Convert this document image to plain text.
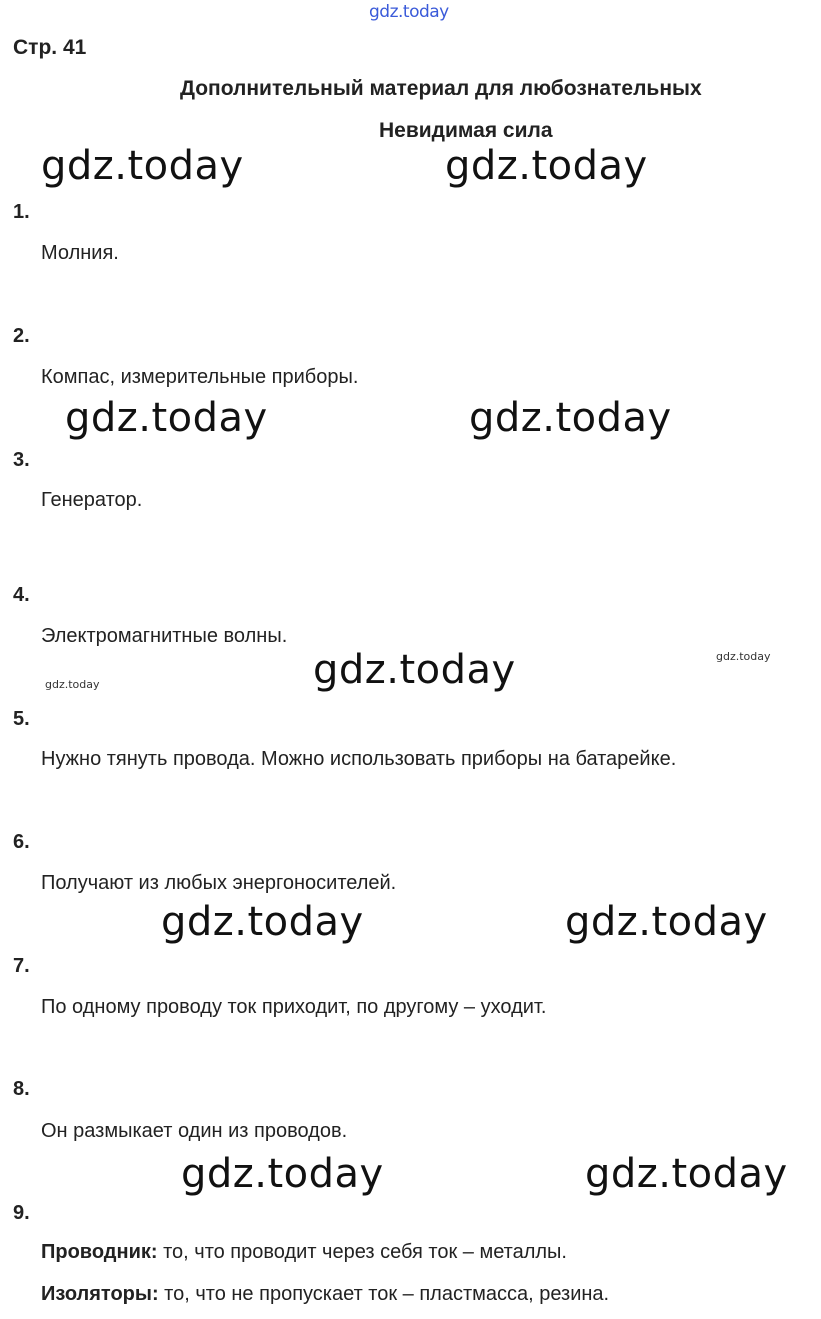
gdz.today
Стр. 41
Дополнительный материал для любознательных
Невидимая сила
gdz.today	gdz.today
gdz.today	gdz.today
gdz.today
gdz.today	gdz.today
gdz.today	gdz.today
gdz.today
gdz.today
1.
Молния.
2.
Компас, измерительные приборы.
3.
Генератор.
4.
Электромагнитные волны.
5.
Нужно тянуть провода. Можно использовать приборы на батарейке.
6.
Получают из любых энергоносителей.
7.
По одному проводу ток приходит, по другому – уходит.
8.
Он размыкает один из проводов.
9.
Проводник: то, что проводит через себя ток – металлы.
Изоляторы: то, что не пропускает ток – пластмасса, резина.
